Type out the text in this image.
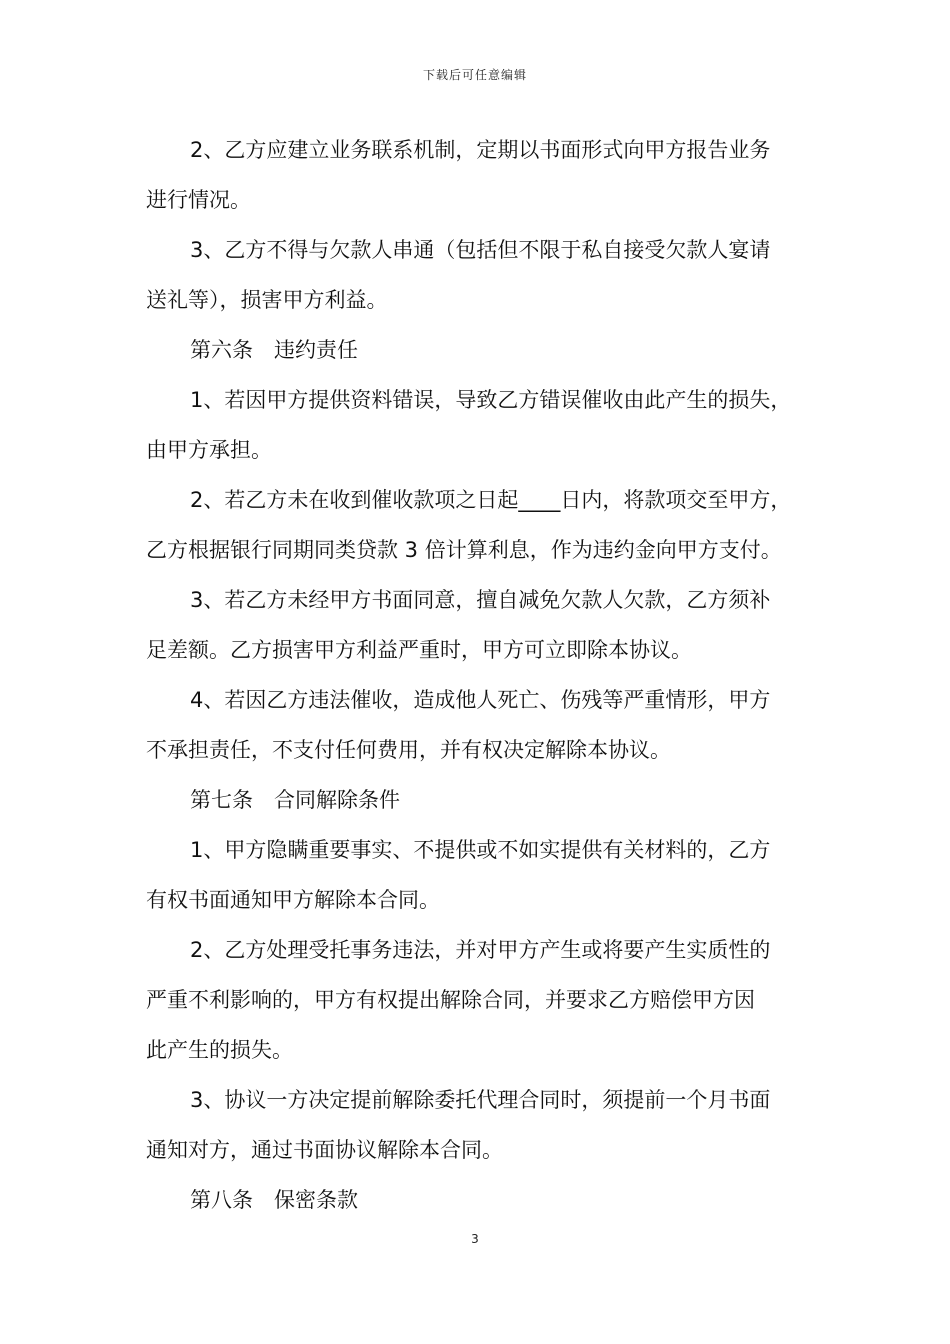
下载后可任意编辑
2、乙方应建立业务联系机制，定期以书面形式向甲方报告业务
进行情况。
3、乙方不得与欠款人串通（包括但不限于私自接受欠款人宴请
送礼等），损害甲方利益。
第六条　违约责任
1、若因甲方提供资料错误，导致乙方错误催收由此产生的损失，
由甲方承担。
2、若乙方未在收到催收款项之日起____日内，将款项交至甲方，
乙方根据银行同期同类贷款 3 倍计算利息，作为违约金向甲方支付。
3、若乙方未经甲方书面同意，擅自减免欠款人欠款，乙方须补
足差额。乙方损害甲方利益严重时，甲方可立即除本协议。
4、若因乙方违法催收，造成他人死亡、伤残等严重情形，甲方
不承担责任，不支付任何费用，并有权决定解除本协议。
第七条　合同解除条件
1、甲方隐瞒重要事实、不提供或不如实提供有关材料的，乙方
有权书面通知甲方解除本合同。
2、乙方处理受托事务违法，并对甲方产生或将要产生实质性的
严重不利影响的，甲方有权提出解除合同，并要求乙方赔偿甲方因
此产生的损失。
3、协议一方决定提前解除委托代理合同时，须提前一个月书面
通知对方，通过书面协议解除本合同。
第八条　保密条款
3
